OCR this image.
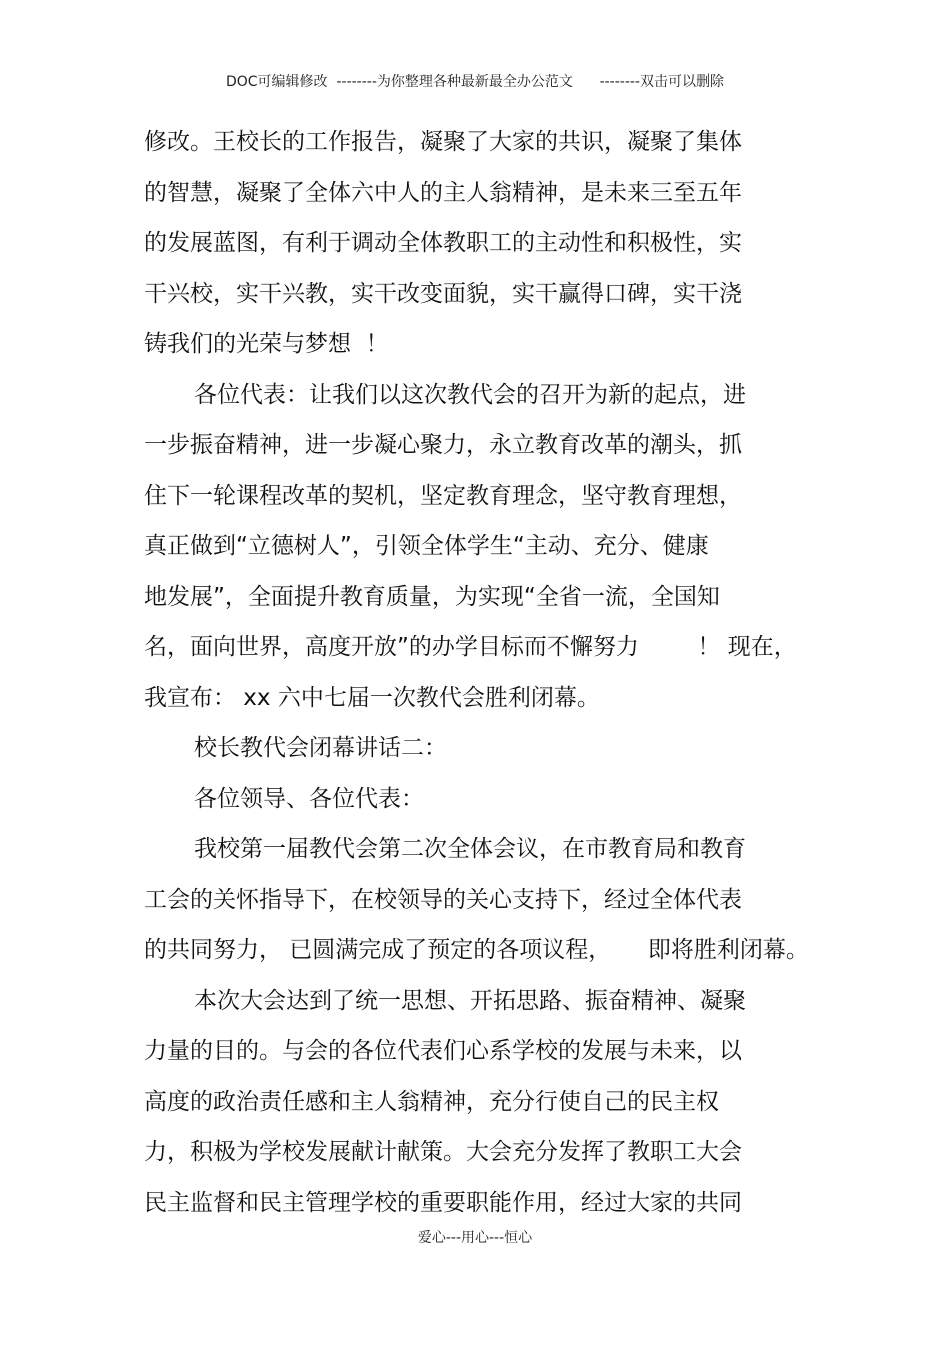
DOC可编辑修改  --------为你整理各种最新最全办公范文      --------双击可以删除
修改。王校长的工作报告，凝聚了大家的共识，凝聚了集体
的智慧，凝聚了全体六中人的主人翁精神，是未来三至五年
的发展蓝图，有利于调动全体教职工的主动性和积极性，实
干兴校，实干兴教，实干改变面貌，实干赢得口碑，实干浇
铸我们的光荣与梦想  ！
各位代表：让我们以这次教代会的召开为新的起点，进
一步振奋精神，进一步凝心聚力，永立教育改革的潮头，抓
住下一轮课程改革的契机，坚定教育理念，坚守教育理想，
真正做到“立德树人”，引领全体学生“主动、充分、健康
地发展”，全面提升教育质量，为实现“全省一流，全国知
名，面向世界，高度开放”的办学目标而不懈努力        ！ 现在，
我宣布： xx 六中七届一次教代会胜利闭幕。
校长教代会闭幕讲话二：
各位领导、各位代表：
我校第一届教代会第二次全体会议，在市教育局和教育
工会的关怀指导下，在校领导的关心支持下，经过全体代表
的共同努力， 已圆满完成了预定的各项议程，     即将胜利闭幕。
本次大会达到了统一思想、开拓思路、振奋精神、凝聚
力量的目的。与会的各位代表们心系学校的发展与未来，以
高度的政治责任感和主人翁精神，充分行使自己的民主权
力，积极为学校发展献计献策。大会充分发挥了教职工大会
民主监督和民主管理学校的重要职能作用，经过大家的共同
爱心---用心---恒心
